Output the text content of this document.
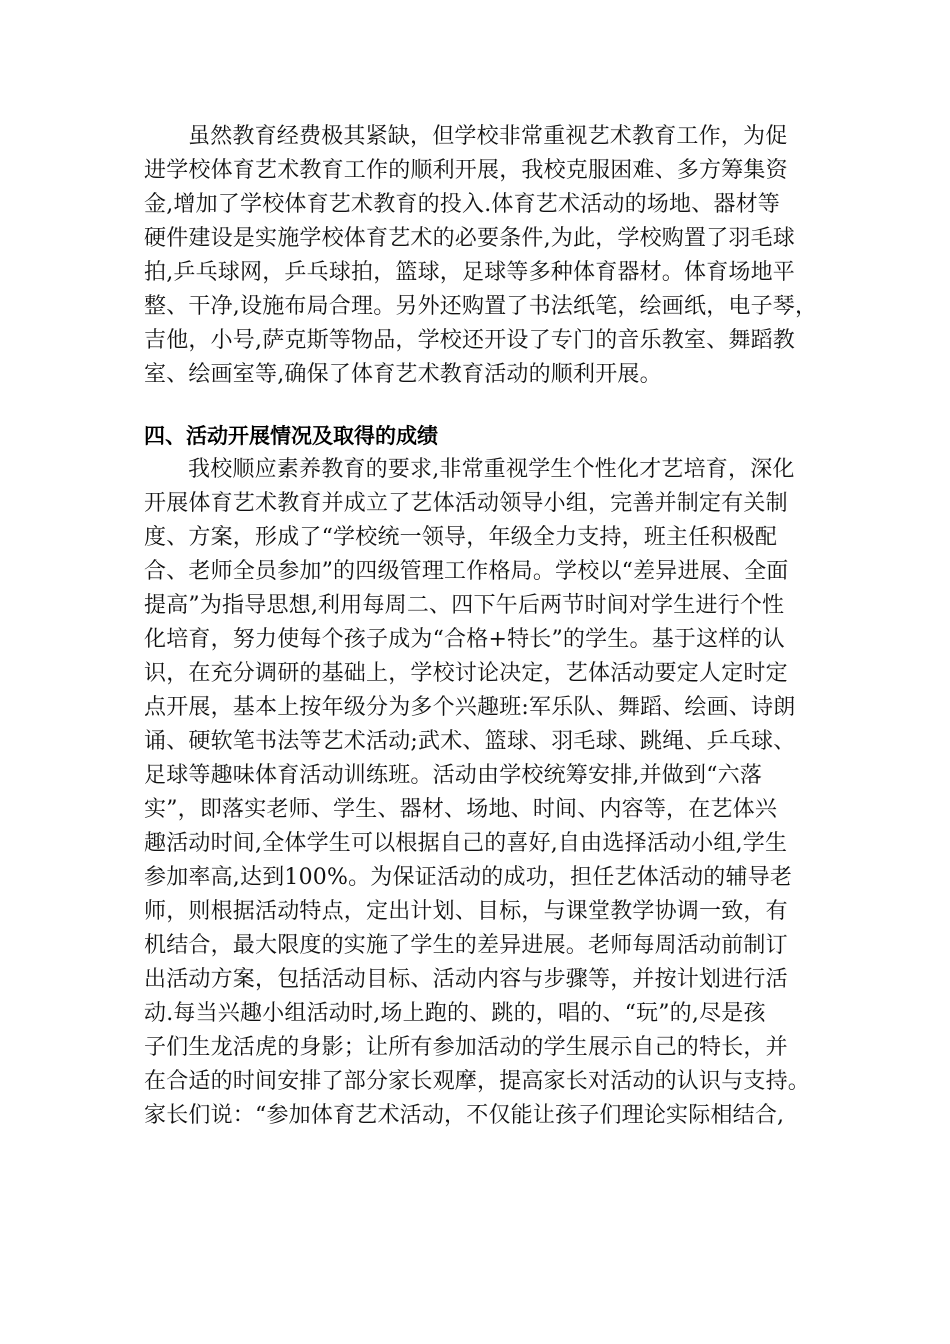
虽然教育经费极其紧缺，但学校非常重视艺术教育工作，为促
进学校体育艺术教育工作的顺利开展，我校克服困难、多方筹集资
金,增加了学校体育艺术教育的投入.体育艺术活动的场地、器材等
硬件建设是实施学校体育艺术的必要条件,为此，学校购置了羽毛球
拍,乒乓球网，乒乓球拍，篮球，足球等多种体育器材。体育场地平
整、干净,设施布局合理。另外还购置了书法纸笔，绘画纸，电子琴，
吉他，小号,萨克斯等物品，学校还开设了专门的音乐教室、舞蹈教
室、绘画室等,确保了体育艺术教育活动的顺利开展。
四、活动开展情况及取得的成绩
我校顺应素养教育的要求,非常重视学生个性化才艺培育，深化
开展体育艺术教育并成立了艺体活动领导小组，完善并制定有关制
度、方案，形成了“学校统一领导，年级全力支持，班主任积极配
合、老师全员参加”的四级管理工作格局。学校以“差异进展、全面
提高”为指导思想,利用每周二、四下午后两节时间对学生进行个性
化培育，努力使每个孩子成为“合格+特长”的学生。基于这样的认
识，在充分调研的基础上，学校讨论决定，艺体活动要定人定时定
点开展，基本上按年级分为多个兴趣班:军乐队、舞蹈、绘画、诗朗
诵、硬软笔书法等艺术活动;武术、篮球、羽毛球、跳绳、乒乓球、
足球等趣味体育活动训练班。活动由学校统筹安排,并做到“六落
实”，即落实老师、学生、器材、场地、时间、内容等，在艺体兴
趣活动时间,全体学生可以根据自己的喜好,自由选择活动小组,学生
参加率高,达到100%。为保证活动的成功，担任艺体活动的辅导老
师，则根据活动特点，定出计划、目标，与课堂教学协调一致，有
机结合，最大限度的实施了学生的差异进展。老师每周活动前制订
出活动方案，包括活动目标、活动内容与步骤等，并按计划进行活
动.每当兴趣小组活动时,场上跑的、跳的，唱的、“玩”的,尽是孩
子们生龙活虎的身影；让所有参加活动的学生展示自己的特长，并
在合适的时间安排了部分家长观摩，提高家长对活动的认识与支持。
家长们说：“参加体育艺术活动，不仅能让孩子们理论实际相结合,
